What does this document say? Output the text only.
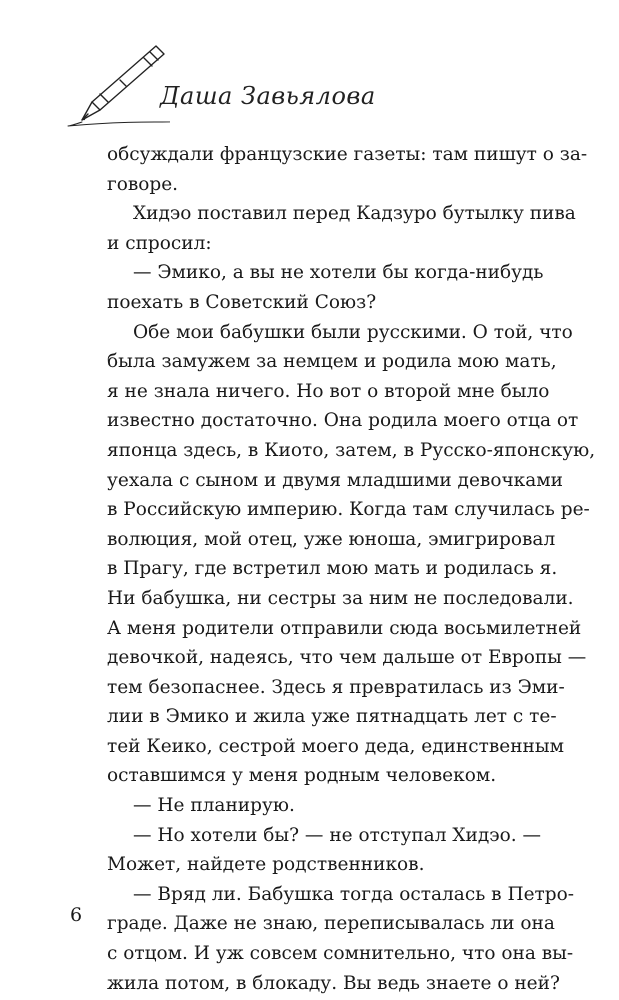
Даша Завьялова
обсуждали французские газеты: там пишут о за-
говоре.
Хидэо поставил перед Кадзуро бутылку пива
и спросил:
— Эмико, а вы не хотели бы когда-нибудь
поехать в Советский Союз?
Обе мои бабушки были русскими. О той, что
была замужем за немцем и родила мою мать,
я не знала ничего. Но вот о второй мне было
известно достаточно. Она родила моего отца от
японца здесь, в Киото, затем, в Русско-японскую,
уехала с сыном и двумя младшими девочками
в Российскую империю. Когда там случилась ре-
волюция, мой отец, уже юноша, эмигрировал
в Прагу, где встретил мою мать и родилась я.
Ни бабушка, ни сестры за ним не последовали.
А меня родители отправили сюда восьмилетней
девочкой, надеясь, что чем дальше от Европы —
тем безопаснее. Здесь я превратилась из Эми-
лии в Эмико и жила уже пятнадцать лет с те-
тей Кеико, сестрой моего деда, единственным
оставшимся у меня родным человеком.
— Не планирую.
— Но хотели бы? — не отступал Хидэо. —
Может, найдете родственников.
— Вряд ли. Бабушка тогда осталась в Петро-
граде. Даже не знаю, переписывалась ли она
с отцом. И уж совсем сомнительно, что она вы-
жила потом, в блокаду. Вы ведь знаете о ней?
6
